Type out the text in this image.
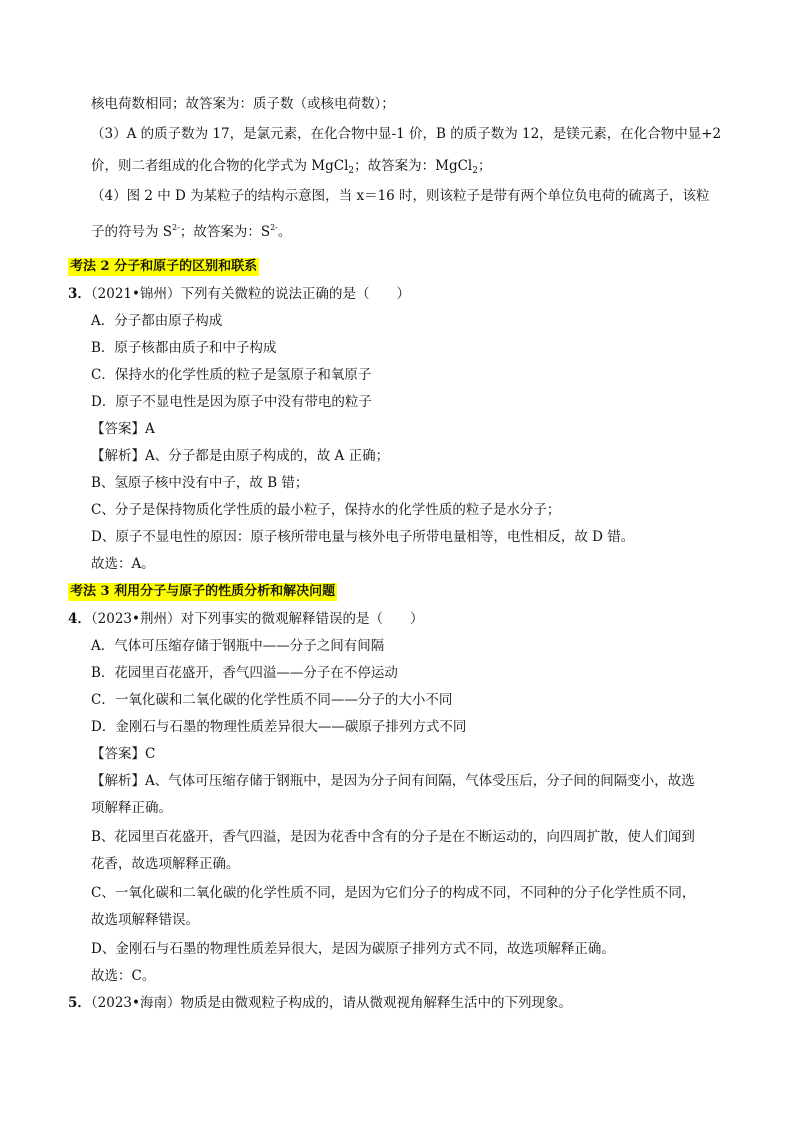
核电荷数相同；故答案为：质子数（或核电荷数）；
（3）A 的质子数为 17，是氯元素，在化合物中显-1 价，B 的质子数为 12，是镁元素，在化合物中显+2
价，则二者组成的化合物的化学式为 MgCl$_2$；故答案为：MgCl$_2$；
（4）图 2 中 D 为某粒子的结构示意图，当 x＝16 时，则该粒子是带有两个单位负电荷的硫离子，该粒
子的符号为 $S^{2-}$；故答案为：$S^{2-}$。
考法 2 分子和原子的区别和联系
3．（2021•锦州）下列有关微粒的说法正确的是（　　）
A．分子都由原子构成
B．原子核都由质子和中子构成
C．保持水的化学性质的粒子是氢原子和氧原子
D．原子不显电性是因为原子中没有带电的粒子
【答案】A
【解析】A、分子都是由原子构成的，故 A 正确；
B、氢原子核中没有中子，故 B 错；
C、分子是保持物质化学性质的最小粒子，保持水的化学性质的粒子是水分子；
D、原子不显电性的原因：原子核所带电量与核外电子所带电量相等，电性相反，故 D 错。
故选：A。
考法 3 利用分子与原子的性质分析和解决问题
4．（2023•荆州）对下列事实的微观解释错误的是（　　）
A．气体可压缩存储于钢瓶中——分子之间有间隔
B．花园里百花盛开，香气四溢——分子在不停运动
C．一氧化碳和二氧化碳的化学性质不同——分子的大小不同
D．金刚石与石墨的物理性质差异很大——碳原子排列方式不同
【答案】C
【解析】A、气体可压缩存储于钢瓶中，是因为分子间有间隔，气体受压后，分子间的间隔变小，故选
项解释正确。
B、花园里百花盛开，香气四溢，是因为花香中含有的分子是在不断运动的，向四周扩散，使人们闻到
花香，故选项解释正确。
C、一氧化碳和二氧化碳的化学性质不同，是因为它们分子的构成不同，不同种的分子化学性质不同，
故选项解释错误。
D、金刚石与石墨的物理性质差异很大，是因为碳原子排列方式不同，故选项解释正确。
故选：C。
5．（2023•海南）物质是由微观粒子构成的，请从微观视角解释生活中的下列现象。
